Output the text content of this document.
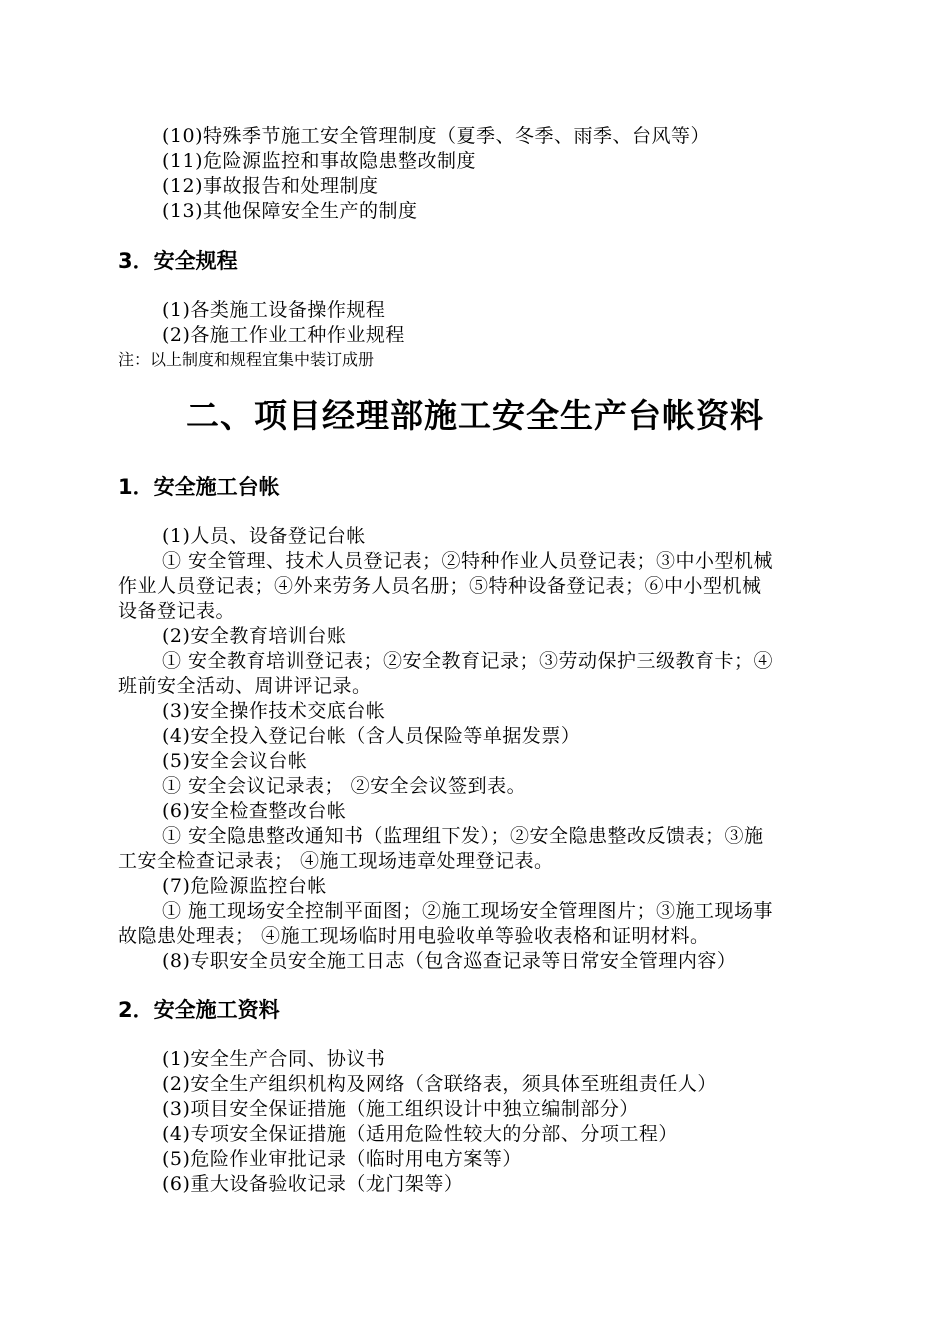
(10)特殊季节施工安全管理制度（夏季、冬季、雨季、台风等）
(11)危险源监控和事故隐患整改制度
(12)事故报告和处理制度
(13)其他保障安全生产的制度
3．安全规程
(1)各类施工设备操作规程
(2)各施工作业工种作业规程
注：以上制度和规程宜集中装订成册
二、项目经理部施工安全生产台帐资料
1．安全施工台帐
(1)人员、设备登记台帐
① 安全管理、技术人员登记表；②特种作业人员登记表；③中小型机械
作业人员登记表；④外来劳务人员名册；⑤特种设备登记表；⑥中小型机械
设备登记表。
(2)安全教育培训台账
① 安全教育培训登记表；②安全教育记录；③劳动保护三级教育卡；④
班前安全活动、周讲评记录。
(3)安全操作技术交底台帐
(4)安全投入登记台帐（含人员保险等单据发票）
(5)安全会议台帐
① 安全会议记录表； ②安全会议签到表。
(6)安全检查整改台帐
① 安全隐患整改通知书（监理组下发）；②安全隐患整改反馈表；③施
工安全检查记录表； ④施工现场违章处理登记表。
(7)危险源监控台帐
① 施工现场安全控制平面图；②施工现场安全管理图片；③施工现场事
故隐患处理表； ④施工现场临时用电验收单等验收表格和证明材料。
(8)专职安全员安全施工日志（包含巡查记录等日常安全管理内容）
2．安全施工资料
(1)安全生产合同、协议书
(2)安全生产组织机构及网络（含联络表，须具体至班组责任人）
(3)项目安全保证措施（施工组织设计中独立编制部分）
(4)专项安全保证措施（适用危险性较大的分部、分项工程）
(5)危险作业审批记录（临时用电方案等）
(6)重大设备验收记录（龙门架等）
